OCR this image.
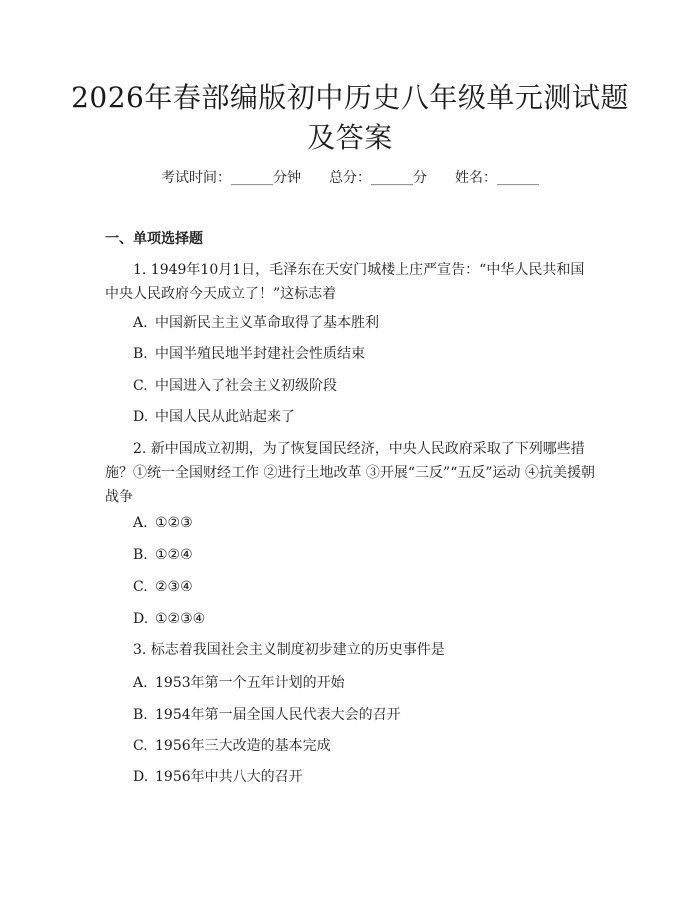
2026年春部编版初中历史八年级单元测试题及答案
考试时间：______分钟 总分：______分 姓名：______
一、单项选择题
1. 1949年10月1日，毛泽东在天安门城楼上庄严宣告：“中华人民共和国中央人民政府今天成立了！”这标志着
A. 中国新民主主义革命取得了基本胜利
B. 中国半殖民地半封建社会性质结束
C. 中国进入了社会主义初级阶段
D. 中国人民从此站起来了
2. 新中国成立初期，为了恢复国民经济，中央人民政府采取了下列哪些措施？①统一全国财经工作 ②进行土地改革 ③开展“三反”“五反”运动 ④抗美援朝战争
A. ①②③
B. ①②④
C. ②③④
D. ①②③④
3. 标志着我国社会主义制度初步建立的历史事件是
A. 1953年第一个五年计划的开始
B. 1954年第一届全国人民代表大会的召开
C. 1956年三大改造的基本完成
D. 1956年中共八大的召开
